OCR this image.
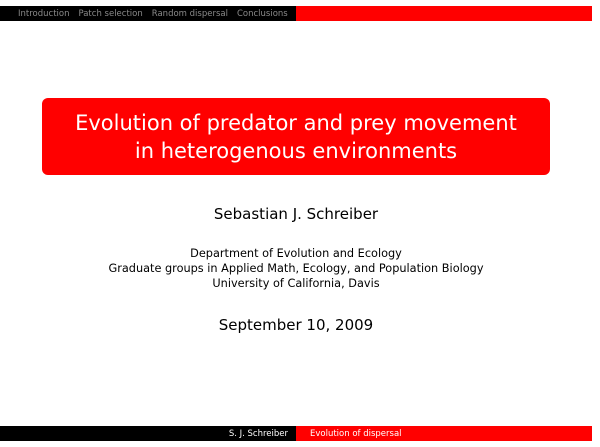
Introduction Patch selection Random dispersal Conclusions
Evolution of predator and prey movement
in heterogenous environments
Sebastian J. Schreiber
Department of Evolution and Ecology
Graduate groups in Applied Math, Ecology, and Population Biology
University of California, Davis
September 10, 2009
S. J. Schreiber	Evolution of dispersal
